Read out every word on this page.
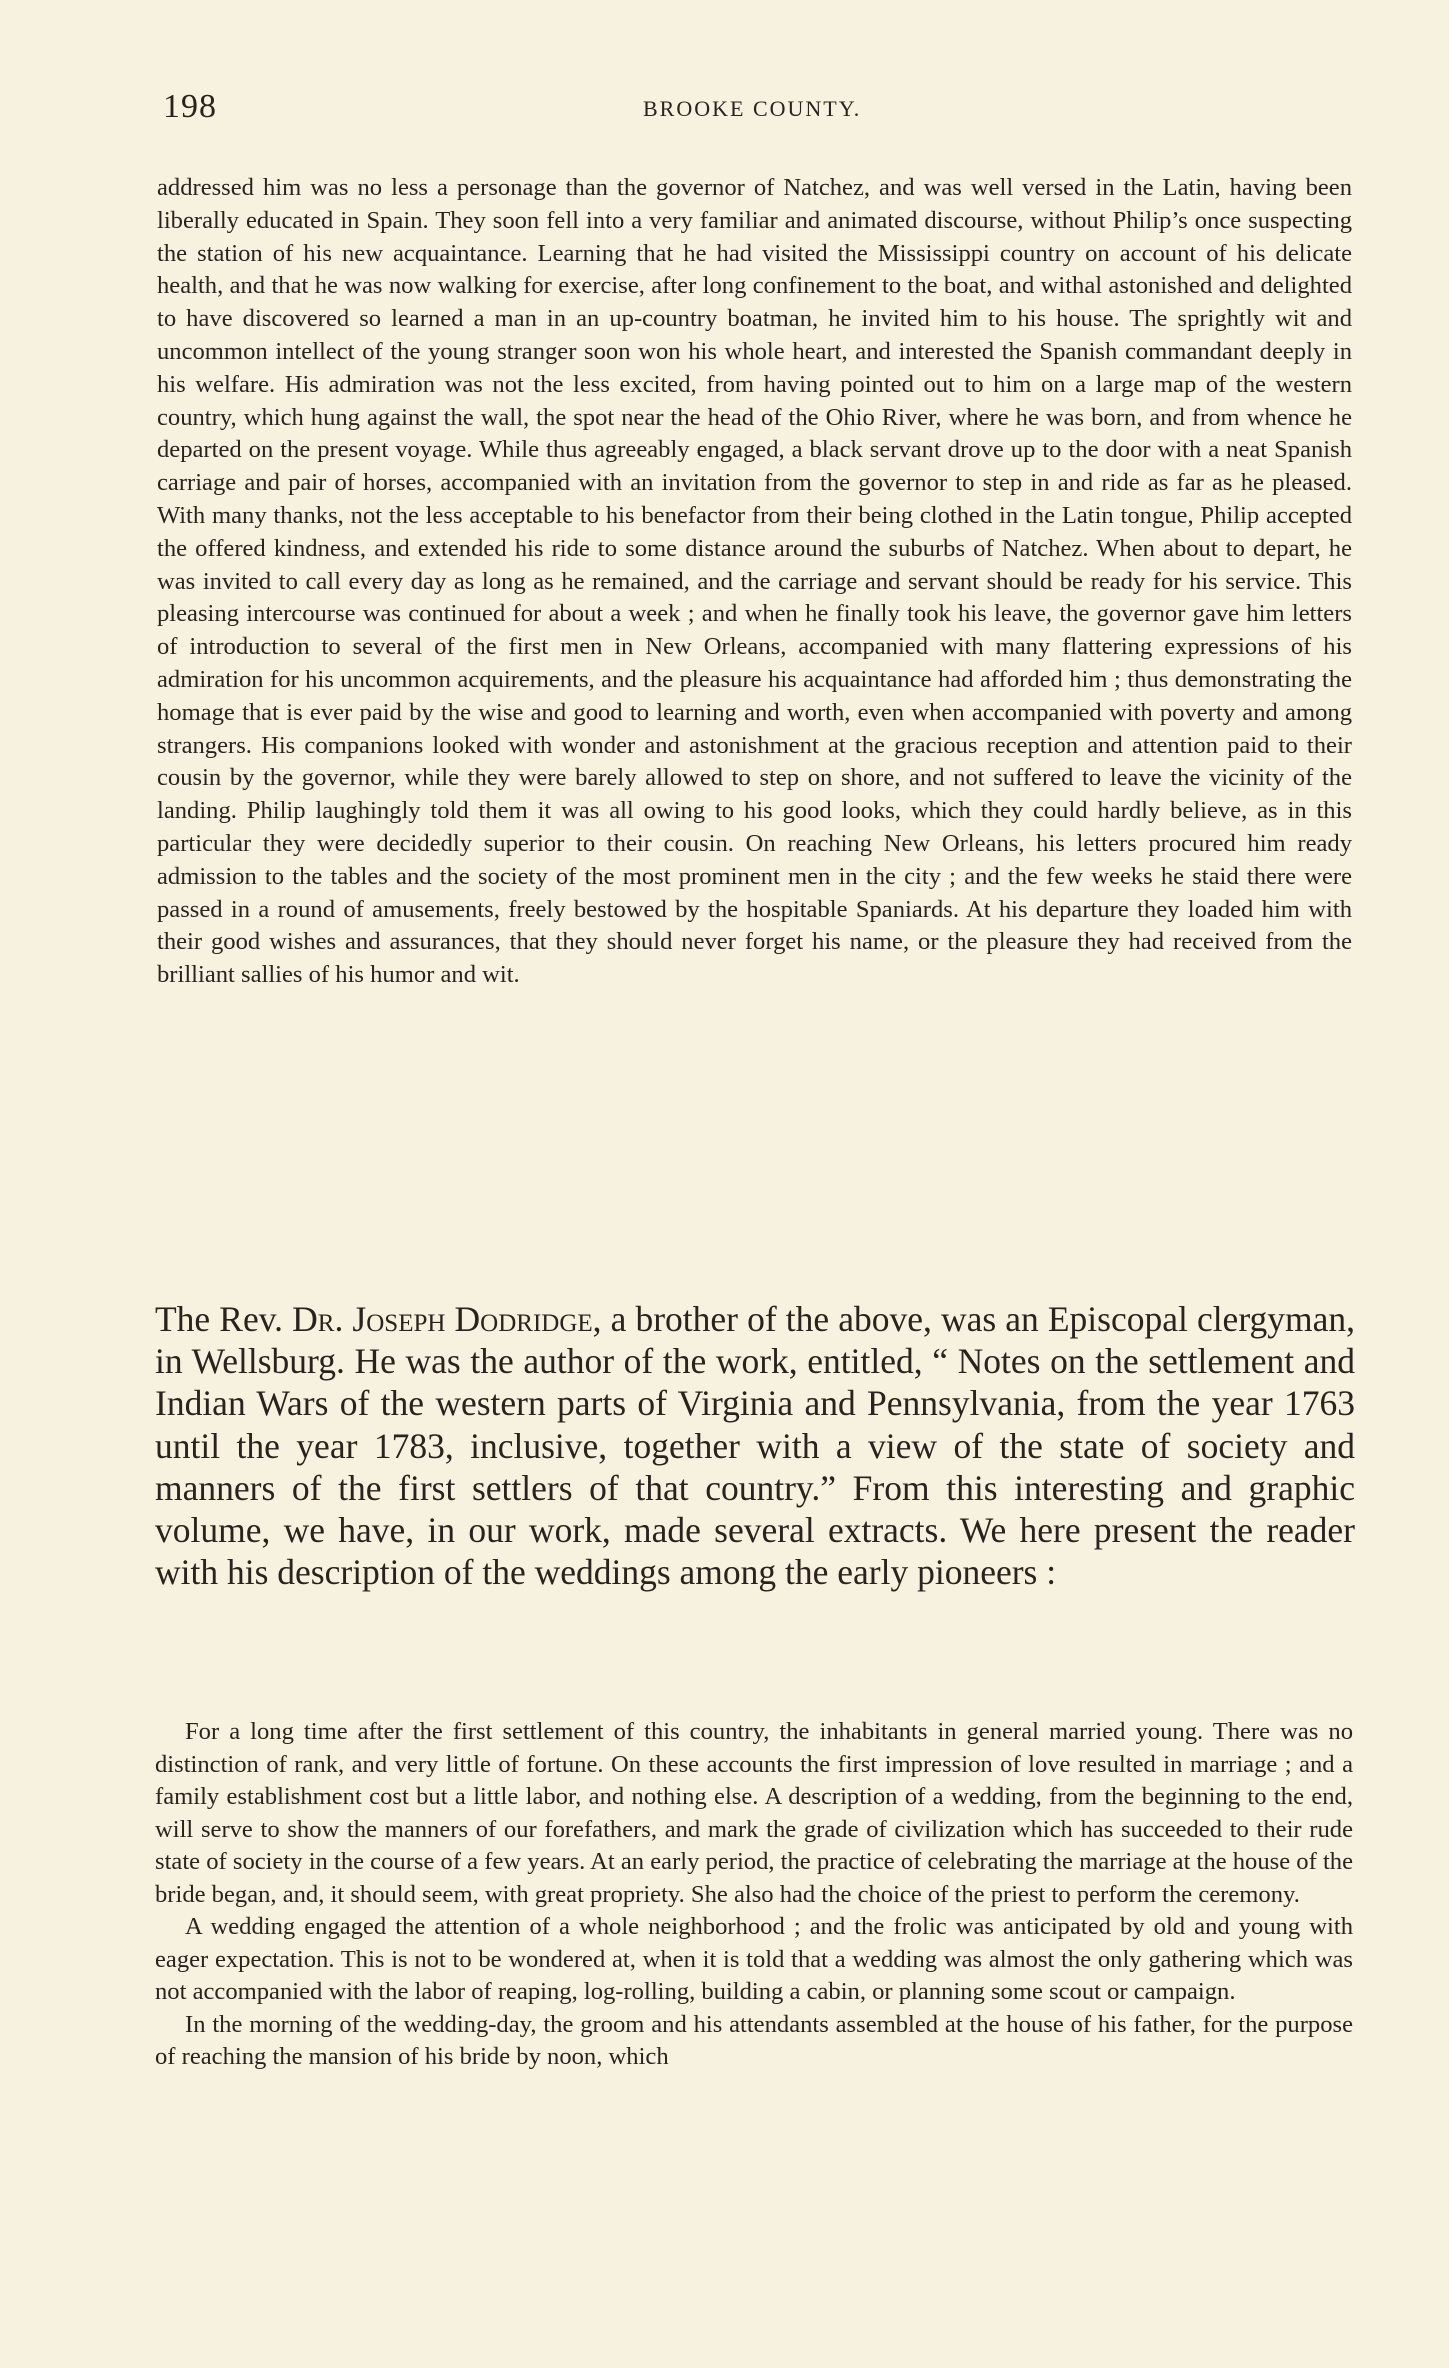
198	BROOKE COUNTY.

addressed him was no less a personage than the governor of Natchez, and was well versed in the Latin, having been liberally educated in Spain. They soon fell into a very familiar and animated discourse, without Philip’s once suspecting the station of his new acquaintance. Learning that he had visited the Mississippi country on account of his delicate health, and that he was now walking for exercise, after long confinement to the boat, and withal astonished and delighted to have discovered so learned a man in an up-country boatman, he invited him to his house. The sprightly wit and uncommon intellect of the young stranger soon won his whole heart, and interested the Spanish commandant deeply in his welfare. His admiration was not the less excited, from having pointed out to him on a large map of the western country, which hung against the wall, the spot near the head of the Ohio River, where he was born, and from whence he departed on the present voyage. While thus agreeably engaged, a black servant drove up to the door with a neat Spanish carriage and pair of horses, accompanied with an invitation from the governor to step in and ride as far as he pleased. With many thanks, not the less acceptable to his benefactor from their being clothed in the Latin tongue, Philip accepted the offered kindness, and extended his ride to some distance around the suburbs of Natchez. When about to depart, he was invited to call every day as long as he remained, and the carriage and servant should be ready for his service. This pleasing intercourse was continued for about a week ; and when he finally took his leave, the governor gave him letters of introduction to several of the first men in New Orleans, accompanied with many flattering expressions of his admiration for his uncommon acquirements, and the pleasure his acquaintance had afforded him ; thus demonstrating the homage that is ever paid by the wise and good to learning and worth, even when accompanied with poverty and among strangers. His companions looked with wonder and astonishment at the gracious reception and attention paid to their cousin by the governor, while they were barely allowed to step on shore, and not suffered to leave the vicinity of the landing. Philip laughingly told them it was all owing to his good looks, which they could hardly believe, as in this particular they were decidedly superior to their cousin. On reaching New Orleans, his letters procured him ready admission to the tables and the society of the most prominent men in the city ; and the few weeks he staid there were passed in a round of amusements, freely bestowed by the hospitable Spaniards. At his departure they loaded him with their good wishes and assurances, that they should never forget his name, or the pleasure they had received from the brilliant sallies of his humor and wit.

The Rev. Dr. Joseph Dodridge, a brother of the above, was an Episcopal clergyman, in Wellsburg. He was the author of the work, entitled, “ Notes on the settlement and Indian Wars of the western parts of Virginia and Pennsylvania, from the year 1763 until the year 1783, inclusive, together with a view of the state of society and manners of the first settlers of that country.” From this interesting and graphic volume, we have, in our work, made several extracts. We here present the reader with his description of the weddings among the early pioneers :

For a long time after the first settlement of this country, the inhabitants in general married young. There was no distinction of rank, and very little of fortune. On these accounts the first impression of love resulted in marriage ; and a family establishment cost but a little labor, and nothing else. A description of a wedding, from the beginning to the end, will serve to show the manners of our forefathers, and mark the grade of civilization which has succeeded to their rude state of society in the course of a few years. At an early period, the practice of celebrating the marriage at the house of the bride began, and, it should seem, with great propriety. She also had the choice of the priest to perform the ceremony.

A wedding engaged the attention of a whole neighborhood ; and the frolic was anticipated by old and young with eager expectation. This is not to be wondered at, when it is told that a wedding was almost the only gathering which was not accompanied with the labor of reaping, log-rolling, building a cabin, or planning some scout or campaign.

In the morning of the wedding-day, the groom and his attendants assembled at the house of his father, for the purpose of reaching the mansion of his bride by noon, which
